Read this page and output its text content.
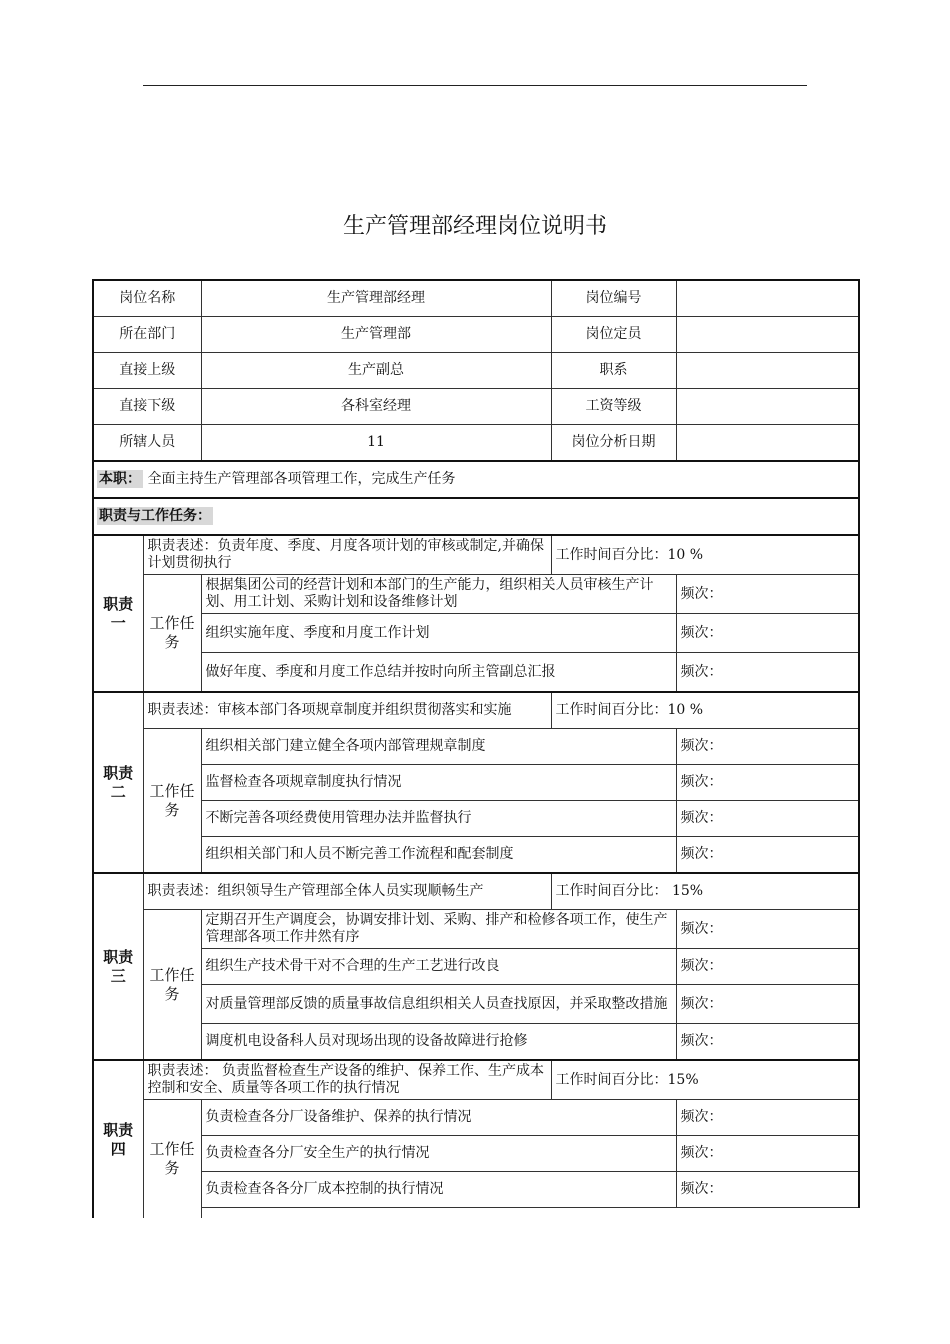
生产管理部经理岗位说明书
岗位名称		生产管理部经理	岗位编号	
所在部门		生产管理部	岗位定员	
直接上级		生产副总	职系	
直接下级		各科室经理	工资等级	
所辖人员		11	岗位分析日期	
本职： 全面主持生产管理部各项管理工作，完成生产任务				
职责与工作任务：				
职责一	职责表述：负责年度、季度、月度各项计划的审核或制定,并确保计划贯彻执行		工作时间百分比：10 %	
	工作任务	根据集团公司的经营计划和本部门的生产能力，组织相关人员审核生产计划、用工计划、采购计划和设备维修计划		频次：
		组织实施年度、季度和月度工作计划		频次：
		做好年度、季度和月度工作总结并按时向所主管副总汇报		频次：
职责二	职责表述：审核本部门各项规章制度并组织贯彻落实和实施		工作时间百分比：10 %	
	工作任务	组织相关部门建立健全各项内部管理规章制度		频次：
		监督检查各项规章制度执行情况		频次：
		不断完善各项经费使用管理办法并监督执行		频次：
		组织相关部门和人员不断完善工作流程和配套制度		频次：
职责三	职责表述：组织领导生产管理部全体人员实现顺畅生产		工作时间百分比： 15%	
	工作任务	定期召开生产调度会，协调安排计划、采购、排产和检修各项工作，使生产管理部各项工作井然有序		频次：
		组织生产技术骨干对不合理的生产工艺进行改良		频次：
		对质量管理部反馈的质量事故信息组织相关人员查找原因，并采取整改措施		频次：
		调度机电设备科人员对现场出现的设备故障进行抢修		频次：
职责四	职责表述： 负责监督检查生产设备的维护、保养工作、生产成本控制和安全、质量等各项工作的执行情况		工作时间百分比：15%	
	工作任务	负责检查各分厂设备维护、保养的执行情况		频次：
		负责检查各分厂安全生产的执行情况		频次：
		负责检查各各分厂成本控制的执行情况		频次：
